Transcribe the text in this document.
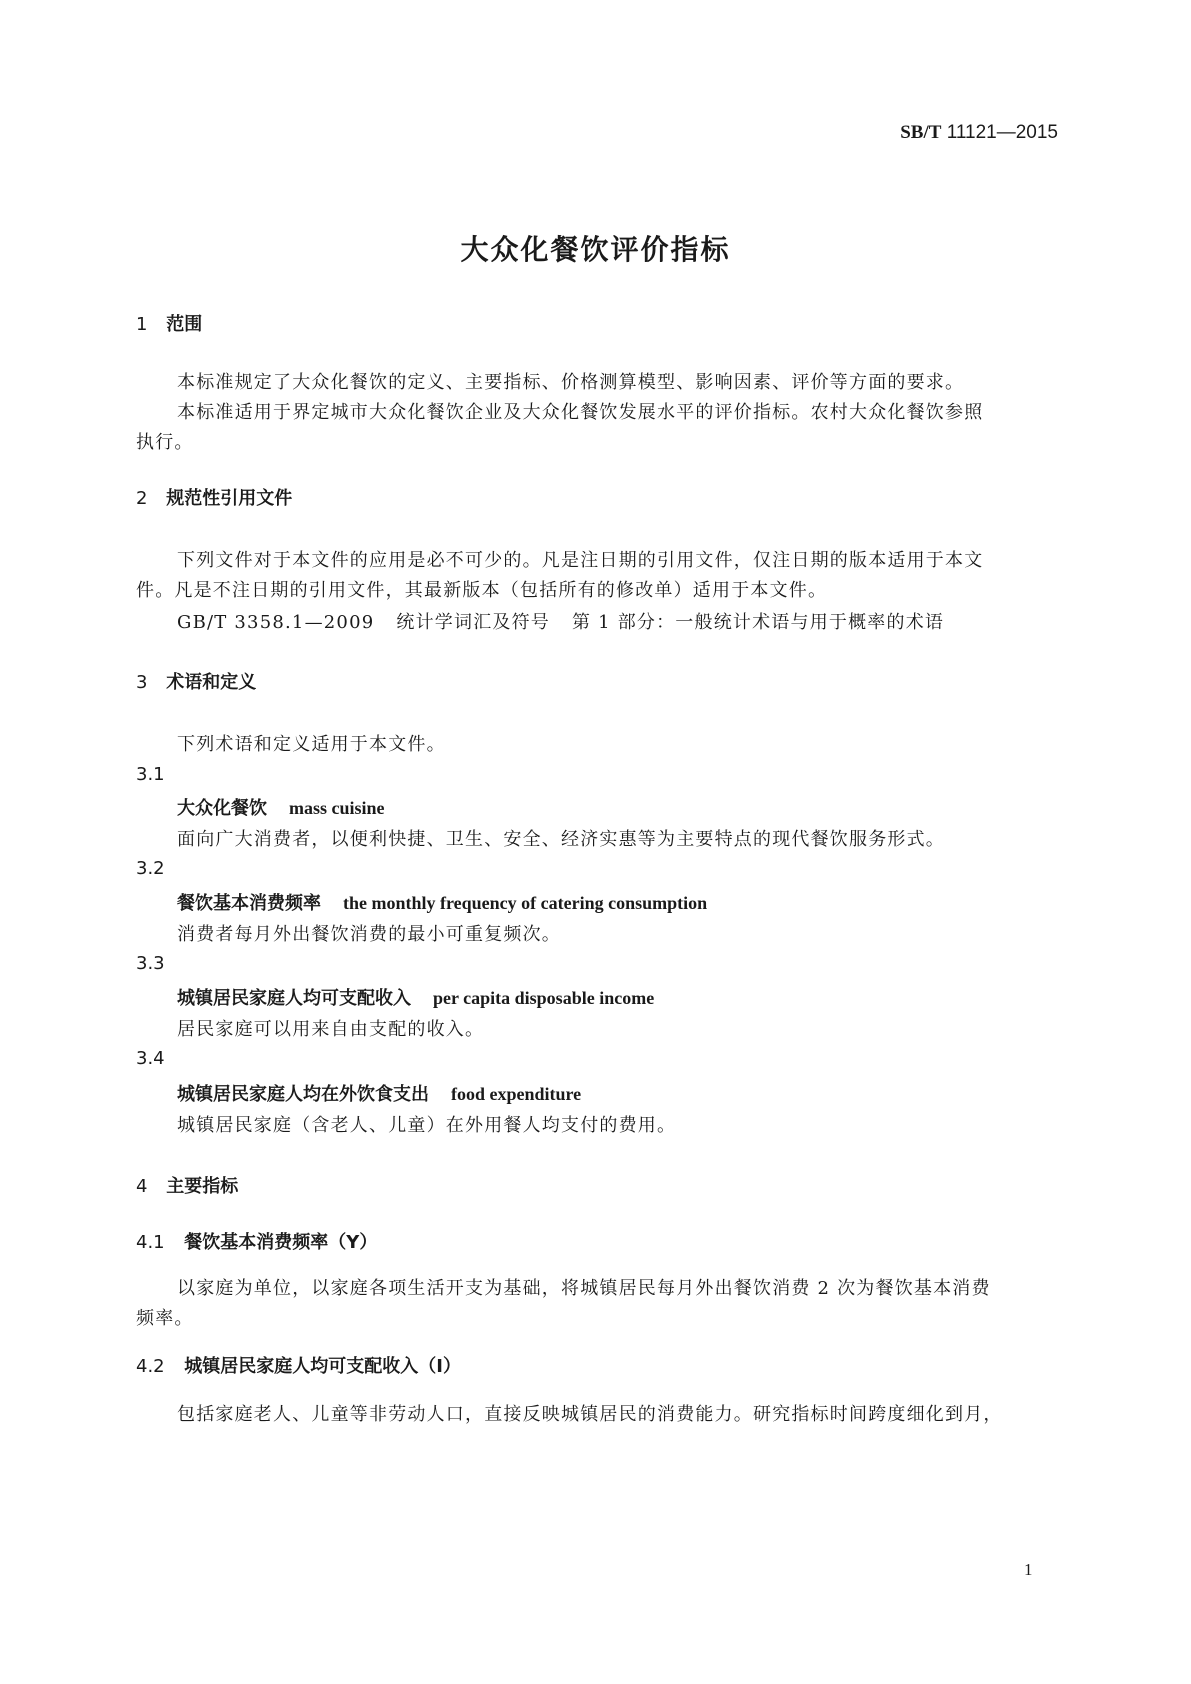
SB/T 11121—2015
大众化餐饮评价指标
1 范围
本标准规定了大众化餐饮的定义、主要指标、价格测算模型、影响因素、评价等方面的要求。
本标准适用于界定城市大众化餐饮企业及大众化餐饮发展水平的评价指标。农村大众化餐饮参照
执行。
2 规范性引用文件
下列文件对于本文件的应用是必不可少的。凡是注日期的引用文件，仅注日期的版本适用于本文
件。凡是不注日期的引用文件，其最新版本（包括所有的修改单）适用于本文件。
GB/T 3358.1—2009 统计学词汇及符号 第 1 部分：一般统计术语与用于概率的术语
3 术语和定义
下列术语和定义适用于本文件。
3.1
大众化餐饮 mass cuisine
面向广大消费者，以便利快捷、卫生、安全、经济实惠等为主要特点的现代餐饮服务形式。
3.2
餐饮基本消费频率 the monthly frequency of catering consumption
消费者每月外出餐饮消费的最小可重复频次。
3.3
城镇居民家庭人均可支配收入 per capita disposable income
居民家庭可以用来自由支配的收入。
3.4
城镇居民家庭人均在外饮食支出 food expenditure
城镇居民家庭（含老人、儿童）在外用餐人均支付的费用。
4 主要指标
4.1 餐饮基本消费频率（Y）
以家庭为单位，以家庭各项生活开支为基础，将城镇居民每月外出餐饮消费 2 次为餐饮基本消费
频率。
4.2 城镇居民家庭人均可支配收入（I）
包括家庭老人、儿童等非劳动人口，直接反映城镇居民的消费能力。研究指标时间跨度细化到月，
1
